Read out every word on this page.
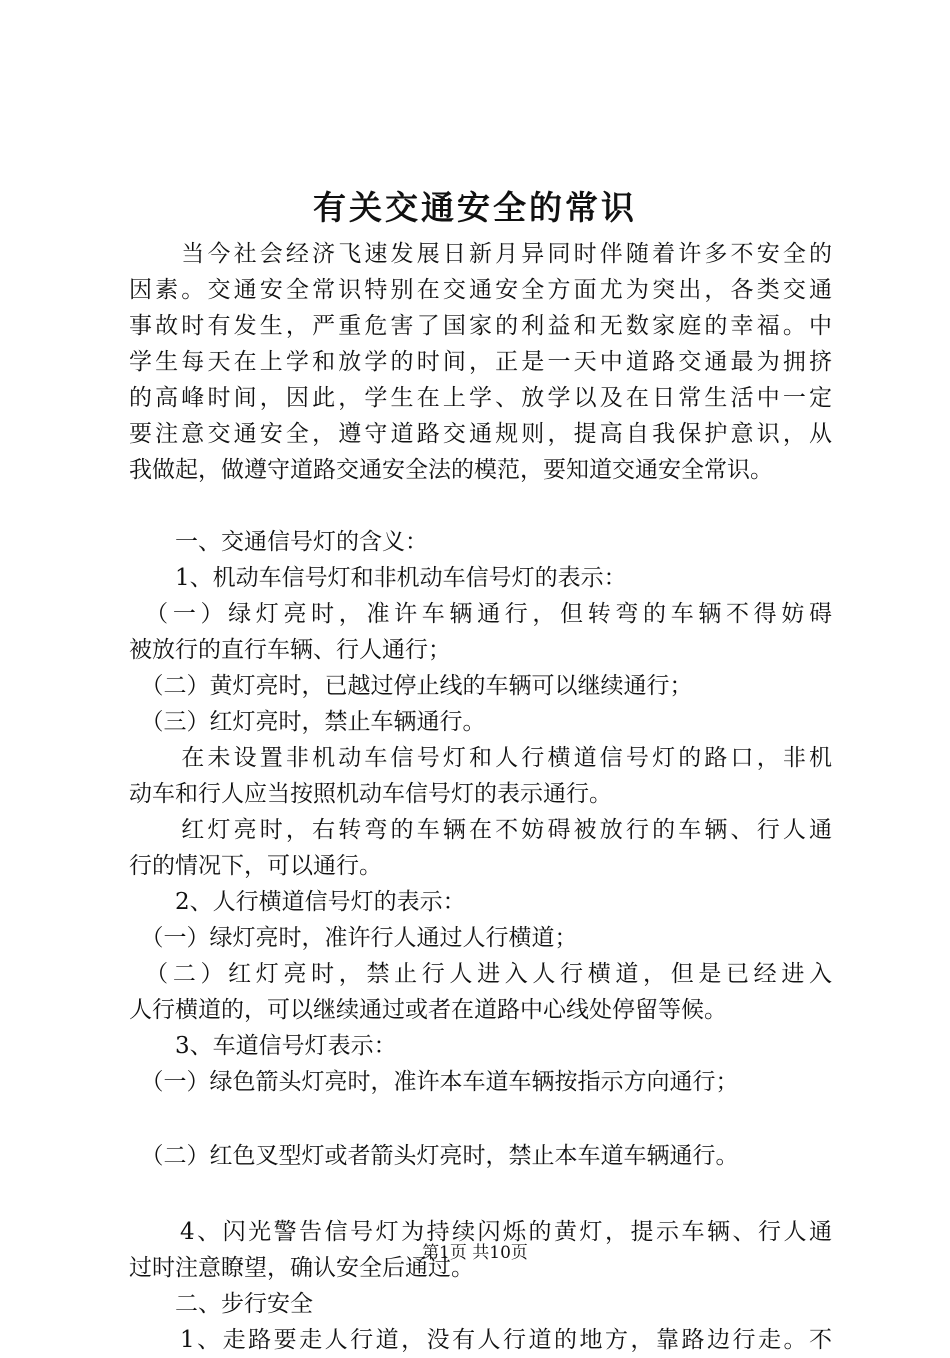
有关交通安全的常识
　　当今社会经济飞速发展日新月异同时伴随着许多不安全的
因素。交通安全常识特别在交通安全方面尤为突出，各类交通
事故时有发生，严重危害了国家的利益和无数家庭的幸福。中
学生每天在上学和放学的时间，正是一天中道路交通最为拥挤
的高峰时间，因此，学生在上学、放学以及在日常生活中一定
要注意交通安全，遵守道路交通规则，提高自我保护意识，从
我做起，做遵守道路交通安全法的模范，要知道交通安全常识。
　　一、交通信号灯的含义：
　　1、机动车信号灯和非机动车信号灯的表示：
　（一）绿灯亮时，准许车辆通行，但转弯的车辆不得妨碍
被放行的直行车辆、行人通行；
　（二）黄灯亮时，已越过停止线的车辆可以继续通行；
　（三）红灯亮时，禁止车辆通行。
　　在未设置非机动车信号灯和人行横道信号灯的路口，非机
动车和行人应当按照机动车信号灯的表示通行。
　　红灯亮时，右转弯的车辆在不妨碍被放行的车辆、行人通
行的情况下，可以通行。
　　2、人行横道信号灯的表示：
　（一）绿灯亮时，准许行人通过人行横道；
　（二）红灯亮时，禁止行人进入人行横道，但是已经进入
人行横道的，可以继续通过或者在道路中心线处停留等候。
　　3、车道信号灯表示：
　（一）绿色箭头灯亮时，准许本车道车辆按指示方向通行；
　（二）红色叉型灯或者箭头灯亮时，禁止本车道车辆通行。
　　4、闪光警告信号灯为持续闪烁的黄灯，提示车辆、行人通
过时注意瞭望，确认安全后通过。
　　二、步行安全
　　1、走路要走人行道，没有人行道的地方，靠路边行走。不
第1页 共10页
